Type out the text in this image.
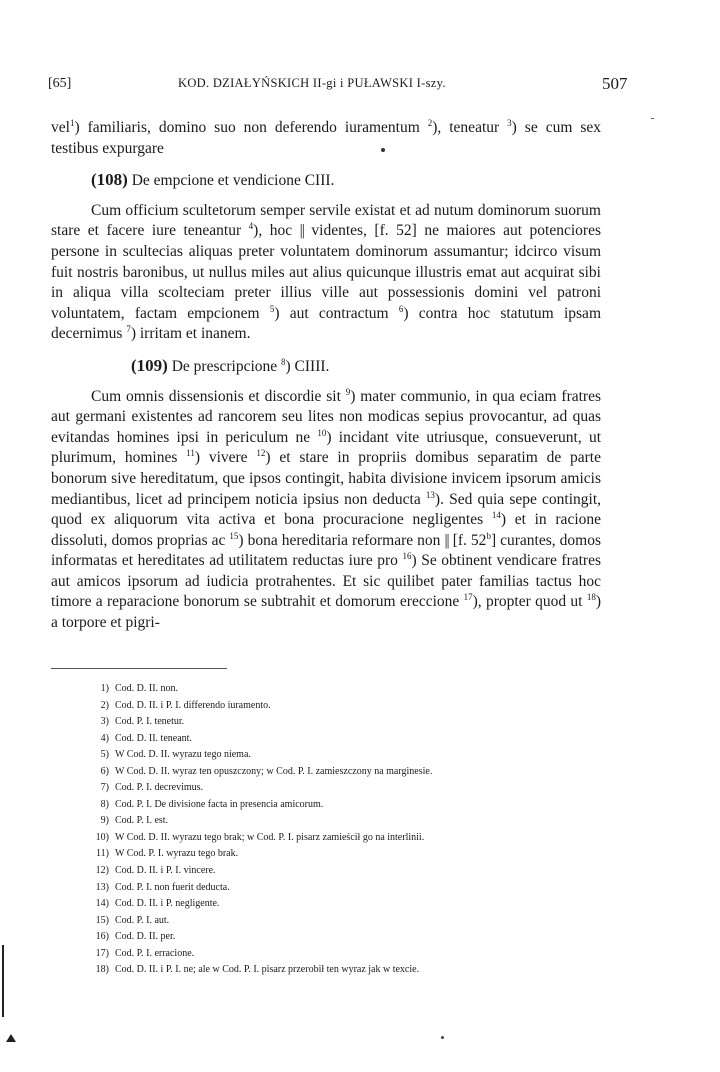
[65]	KOD. DZIAŁYŃSKICH II-gi i PUŁAWSKI I-szy.	507

vel$^1$) familiaris, domino suo non deferendo iuramentum $^2$), teneatur $^3$) se cum sex testibus expurgare

(108) De empcione et vendicione CIII.

Cum officium scultetorum semper servile existat et ad nutum dominorum suorum stare et facere iure teneantur $^4$), hoc || videntes, [f. 52] ne maiores aut potenciores persone in scultecias aliquas preter voluntatem dominorum assumantur; idcirco visum fuit nostris baronibus, ut nullus miles aut alius quicunque illustris emat aut acquirat sibi in aliqua villa scolteciam preter illius ville aut possessionis domini vel patroni voluntatem, factam empcionem $^5$) aut contractum $^6$) contra hoc statutum ipsam decernimus $^7$) irritam et inanem.

(109) De prescripcione $^8$) CIIII.

Cum omnis dissensionis et discordie sit $^9$) mater communio, in qua eciam fratres aut germani existentes ad rancorem seu lites non modicas sepius provocantur, ad quas evitandas homines ipsi in periculum ne $^{10}$) incidant vite utriusque, consueverunt, ut plurimum, homines $^{11}$) vivere $^{12}$) et stare in propriis domibus separatim de parte bonorum sive hereditatum, que ipsos contingit, habita divisione invicem ipsorum amicis mediantibus, licet ad principem noticia ipsius non deducta $^{13}$). Sed quia sepe contingit, quod ex aliquorum vita activa et bona procuracione negligentes $^{14}$) et in racione dissoluti, domos proprias ac $^{15}$) bona hereditaria reformare non || [f. 52$^b$] curantes, domos informatas et hereditates ad utilitatem reductas iure pro $^{16}$) Se obtinent vendicare fratres aut amicos ipsorum ad iudicia protrahentes. Et sic quilibet pater familias tactus hoc timore a reparacione bonorum se subtrahit et domorum ereccione $^{17}$), propter quod ut $^{18}$) a torpore et pigri-

1) Cod. D. II. non.
2) Cod. D. II. i P. I. differendo iuramento.
3) Cod. P. I. tenetur.
4) Cod. D. II. teneant.
5) W Cod. D. II. wyrazu tego niema.
6) W Cod. D. II. wyraz ten opuszczony; w Cod. P. I. zamieszczony na marginesie.
7) Cod. P. I. decrevimus.
8) Cod. P. I. De divisione facta in presencia amicorum.
9) Cod. P. I. est.
10) W Cod. D. II. wyrazu tego brak; w Cod. P. I. pisarz zamieścił go na interlinii.
11) W Cod. P. I. wyrazu tego brak.
12) Cod. D. II. i P. I. vincere.
13) Cod. P. I. non fuerit deducta.
14) Cod. D. II. i P. negligente.
15) Cod. P. I. aut.
16) Cod. D. II. per.
17) Cod. P. I. erracione.
18) Cod. D. II. i P. I. ne; ale w Cod. P. I. pisarz przerobił ten wyraz jak w texcie.
